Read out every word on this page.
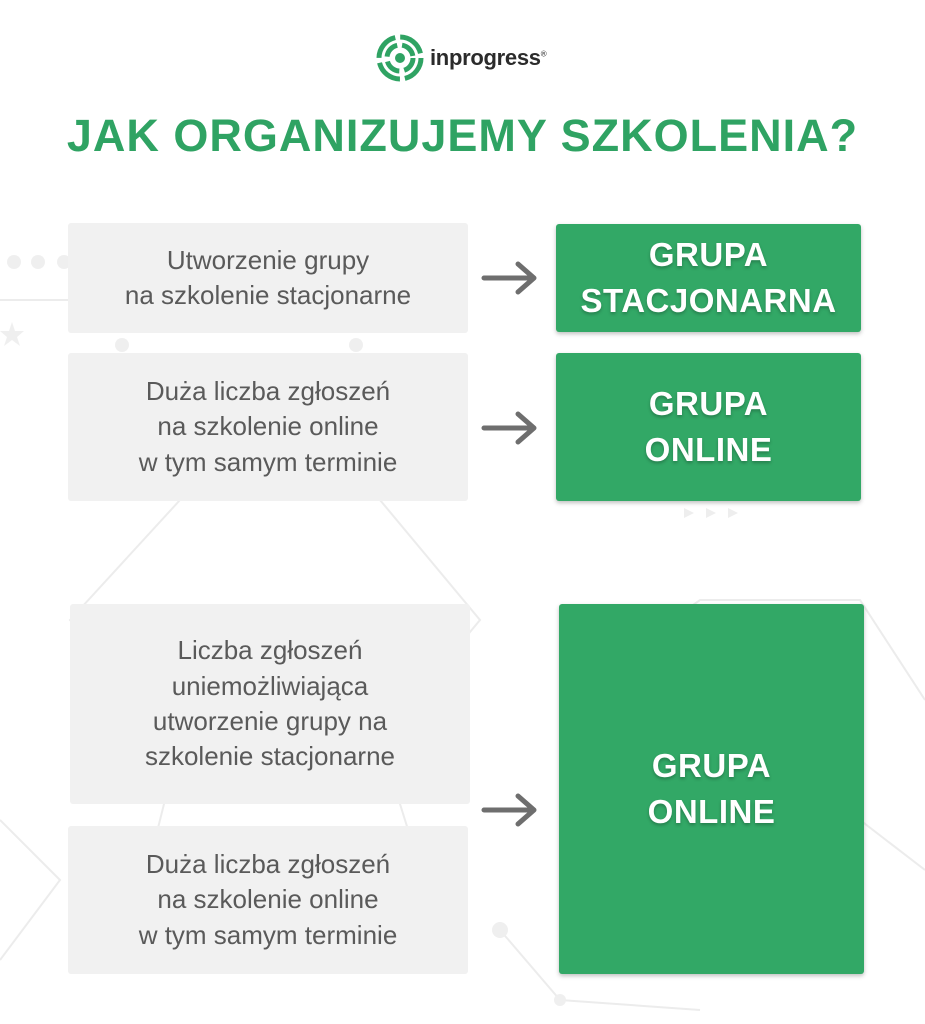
inprogress®
JAK ORGANIZUJEMY SZKOLENIA?
Utworzenie grupy
na szkolenie stacjonarne
GRUPA
STACJONARNA
Duża liczba zgłoszeń
na szkolenie online
w tym samym terminie
GRUPA
ONLINE
Liczba zgłoszeń
uniemożliwiająca
utworzenie grupy na
szkolenie stacjonarne
Duża liczba zgłoszeń
na szkolenie online
w tym samym terminie
GRUPA
ONLINE
